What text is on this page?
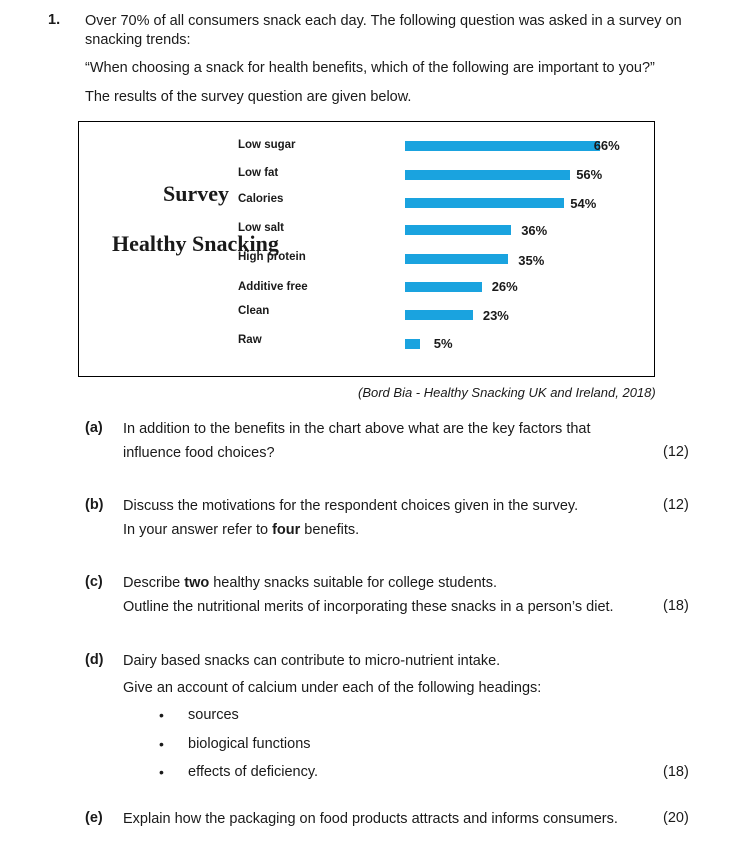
1. Over 70% of all consumers snack each day. The following question was asked in a survey on
snacking trends:
“When choosing a snack for health benefits, which of the following are important to you?”
The results of the survey question are given below.
Survey
Healthy Snacking
Low sugar	66%
Low fat	56%
Calories	54%
Low salt	36%
High protein	35%
Additive free	26%
Clean	23%
Raw	5%
(Bord Bia - Healthy Snacking UK and Ireland, 2018)
(a) In addition to the benefits in the chart above what are the key factors that
influence food choices?	(12)
(b) Discuss the motivations for the respondent choices given in the survey.
In your answer refer to four benefits.
(12)
(c) Describe two healthy snacks suitable for college students.
Outline the nutritional merits of incorporating these snacks in a person’s diet.	(18)
(d) Dairy based snacks can contribute to micro-nutrient intake.
Give an account of calcium under each of the following headings:
• sources
• biological functions
• effects of deficiency.	(18)
(e) Explain how the packaging on food products attracts and informs consumers.	(20)
